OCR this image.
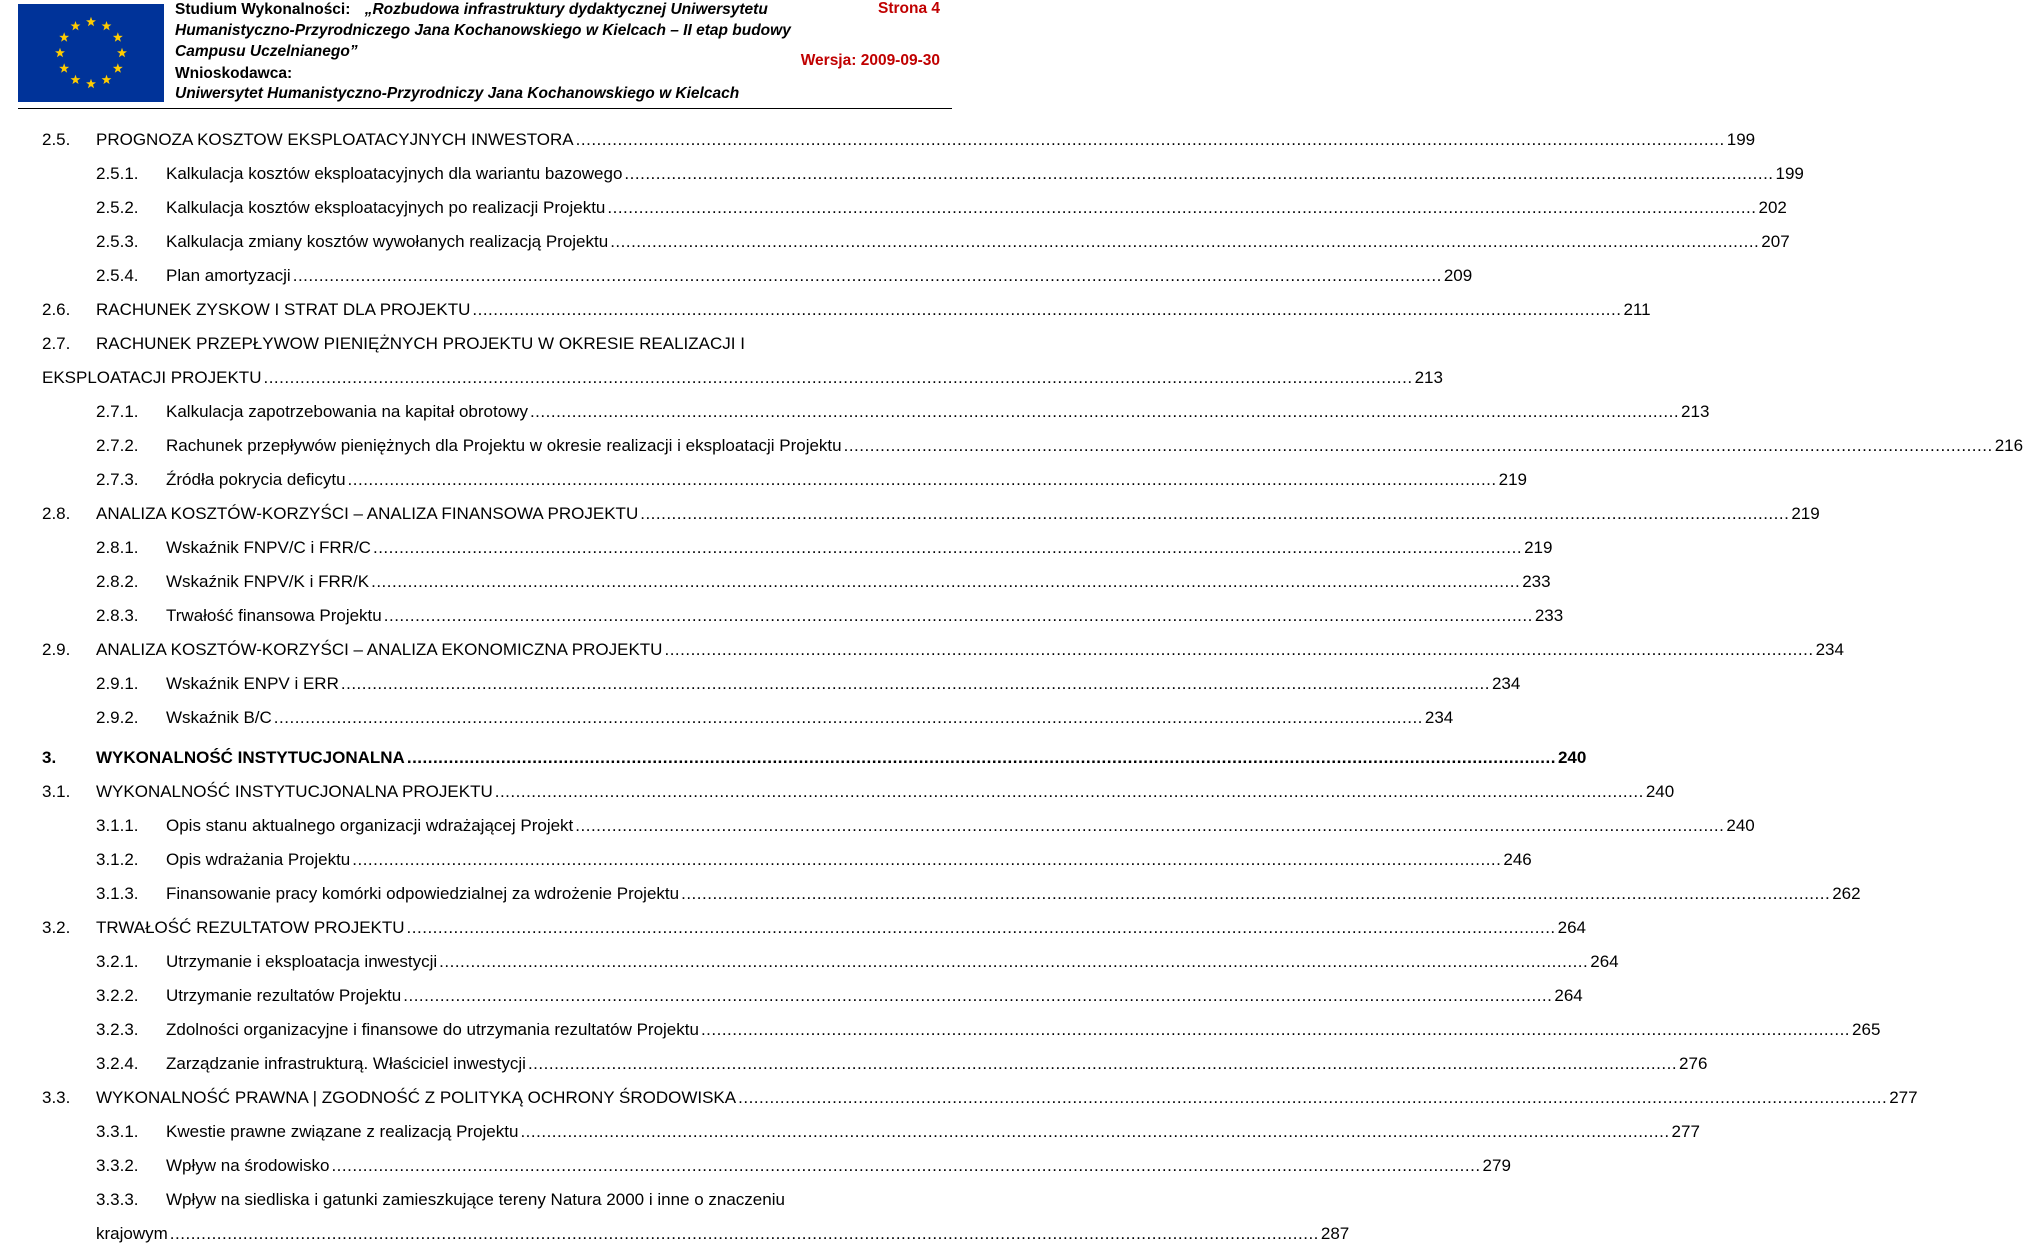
Studium Wykonalności: „Rozbudowa infrastruktury dydaktycznej Uniwersytetu
Humanistyczno-Przyrodniczego Jana Kochanowskiego w Kielcach – II etap budowy
Campusu Uczelnianego”
Wnioskodawca:
Uniwersytet Humanistyczno-Przyrodniczy Jana Kochanowskiego w Kielcach
Strona 4
Wersja: 2009-09-30
2.5. PROGNOZA KOSZTOW EKSPLOATACYJNYCH INWESTORA ............................................................................................................................................................................................................................ 199
2.5.1. Kalkulacja kosztów eksploatacyjnych dla wariantu bazowego ............................................................................................................................................................................................................................ 199
2.5.2. Kalkulacja kosztów eksploatacyjnych po realizacji Projektu ............................................................................................................................................................................................................................ 202
2.5.3. Kalkulacja zmiany kosztów wywołanych realizacją Projektu ............................................................................................................................................................................................................................ 207
2.5.4. Plan amortyzacji ............................................................................................................................................................................................................................ 209
2.6. RACHUNEK ZYSKOW I STRAT DLA PROJEKTU ............................................................................................................................................................................................................................ 211
2.7. RACHUNEK PRZEPŁYWOW PIENIĘŻNYCH PROJEKTU W OKRESIE REALIZACJI I
EKSPLOATACJI PROJEKTU ............................................................................................................................................................................................................................ 213
2.7.1. Kalkulacja zapotrzebowania na kapitał obrotowy ............................................................................................................................................................................................................................ 213
2.7.2. Rachunek przepływów pieniężnych dla Projektu w okresie realizacji i eksploatacji Projektu ............................................................................................................................................................................................................................ 216
2.7.3. Źródła pokrycia deficytu ............................................................................................................................................................................................................................ 219
2.8. ANALIZA KOSZTÓW-KORZYŚCI – ANALIZA FINANSOWA PROJEKTU ............................................................................................................................................................................................................................ 219
2.8.1. Wskaźnik FNPV/C i FRR/C ............................................................................................................................................................................................................................ 219
2.8.2. Wskaźnik FNPV/K i FRR/K ............................................................................................................................................................................................................................ 233
2.8.3. Trwałość finansowa Projektu ............................................................................................................................................................................................................................ 233
2.9. ANALIZA KOSZTÓW-KORZYŚCI – ANALIZA EKONOMICZNA PROJEKTU ............................................................................................................................................................................................................................ 234
2.9.1. Wskaźnik ENPV i ERR ............................................................................................................................................................................................................................ 234
2.9.2. Wskaźnik B/C ............................................................................................................................................................................................................................ 234
3. WYKONALNOŚĆ INSTYTUCJONALNA ............................................................................................................................................................................................................................ 240
3.1. WYKONALNOŚĆ INSTYTUCJONALNA PROJEKTU ............................................................................................................................................................................................................................ 240
3.1.1. Opis stanu aktualnego organizacji wdrażającej Projekt ............................................................................................................................................................................................................................ 240
3.1.2. Opis wdrażania Projektu ............................................................................................................................................................................................................................ 246
3.1.3. Finansowanie pracy komórki odpowiedzialnej za wdrożenie Projektu ............................................................................................................................................................................................................................ 262
3.2. TRWAŁOŚĆ REZULTATOW PROJEKTU ............................................................................................................................................................................................................................ 264
3.2.1. Utrzymanie i eksploatacja inwestycji ............................................................................................................................................................................................................................ 264
3.2.2. Utrzymanie rezultatów Projektu ............................................................................................................................................................................................................................ 264
3.2.3. Zdolności organizacyjne i finansowe do utrzymania rezultatów Projektu ............................................................................................................................................................................................................................ 265
3.2.4. Zarządzanie infrastrukturą. Właściciel inwestycji ............................................................................................................................................................................................................................ 276
3.3. WYKONALNOŚĆ PRAWNA | ZGODNOŚĆ Z POLITYKĄ OCHRONY ŚRODOWISKA ............................................................................................................................................................................................................................ 277
3.3.1. Kwestie prawne związane z realizacją Projektu ............................................................................................................................................................................................................................ 277
3.3.2. Wpływ na środowisko ............................................................................................................................................................................................................................ 279
3.3.3. Wpływ na siedliska i gatunki zamieszkujące tereny Natura 2000 i inne o znaczeniu
krajowym ............................................................................................................................................................................................................................ 287
